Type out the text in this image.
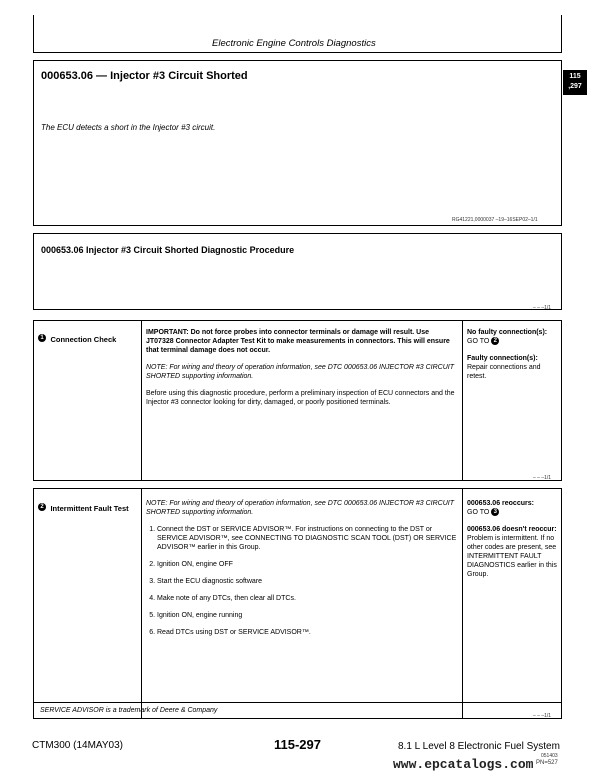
Electronic Engine Controls Diagnostics
115
,297
000653.06 — Injector #3 Circuit Shorted
The ECU detects a short in the Injector #3 circuit.
RG41221,0000037 –19–16SEP02–1/1
000653.06 Injector #3 Circuit Shorted Diagnostic Procedure
– – –1/1
1 Connection Check

IMPORTANT: Do not force probes into connector terminals or damage will result. Use JT07328 Connector Adapter Test Kit to make measurements in connectors. This will ensure that terminal damage does not occur.

NOTE: For wiring and theory of operation information, see DTC 000653.06 INJECTOR #3 CIRCUIT SHORTED supporting information.

Before using this diagnostic procedure, perform a preliminary inspection of ECU connectors and the Injector #3 connector looking for dirty, damaged, or poorly positioned terminals.

No faulty connection(s):
GO TO 2
Faulty connection(s):
Repair connections and retest.
– – –1/1
2 Intermittent Fault Test

NOTE: For wiring and theory of operation information, see DTC 000653.06 INJECTOR #3 CIRCUIT SHORTED supporting information.

1. Connect the DST or SERVICE ADVISOR™. For instructions on connecting to the DST or SERVICE ADVISOR™, see CONNECTING TO DIAGNOSTIC SCAN TOOL (DST) OR SERVICE ADVISOR™ earlier in this Group.
2. Ignition ON, engine OFF
3. Start the ECU diagnostic software
4. Make note of any DTCs, then clear all DTCs.
5. Ignition ON, engine running
6. Read DTCs using DST or SERVICE ADVISOR™.
000653.06 reoccurs:
GO TO 3
000653.06 doesn't reoccur:
Problem is intermittent. If no other codes are present, see INTERMITTENT FAULT DIAGNOSTICS earlier in this Group.
SERVICE ADVISOR is a trademark of Deere & Company
– – –1/1
CTM300 (14MAY03)	115-297	8.1 L Level 8 Electronic Fuel System
051403
www.epcatalogs.com PN=527
